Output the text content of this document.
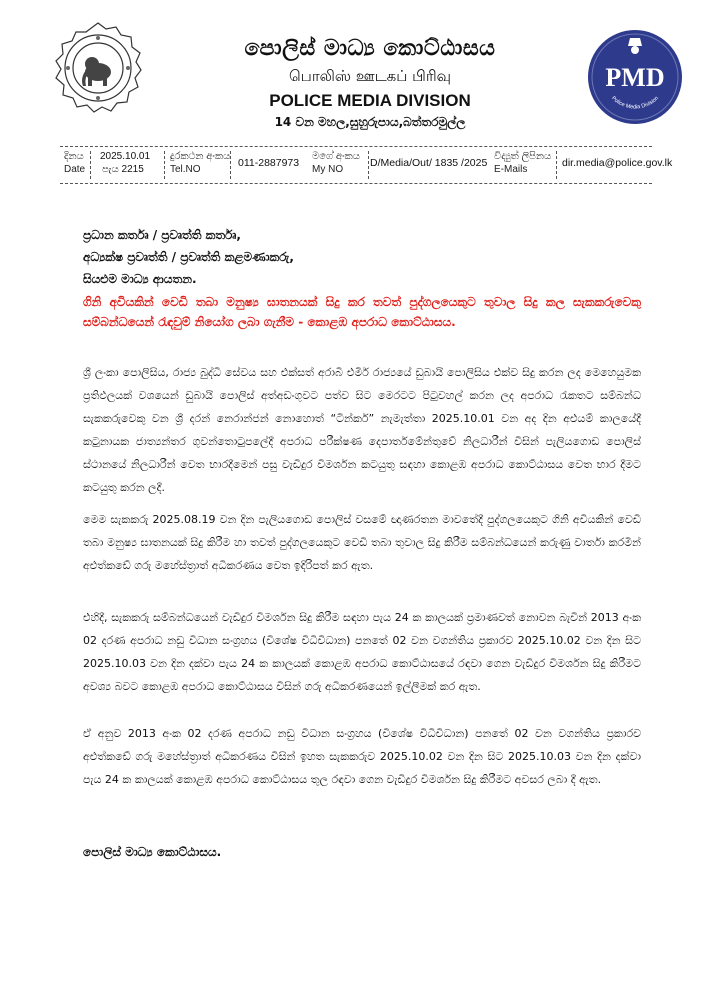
පොලිස් මාධ්‍ය කොට්ඨාසය
பொலிஸ் ஊடகப் பிரிவு
POLICE MEDIA DIVISION
14 වන මහල,සුහුරුපාය,බත්තරමුල්ල
PMD
Police Media Division
දිනය
Date
2025.10.01
පැය 2215
දුරකථන අංකය
Tel.NO
011-2887973
මගේ අංකය
My NO
D/Media/Out/ 1835 /2025
විද්‍යුත් ලිපිනය
E-Mails
dir.media@police.gov.lk
ප්‍රධාන කර්තෘ / ප්‍රවෘත්ති කර්තෘ,
අධ්‍යක්ෂ ප්‍රවෘත්ති / ප්‍රවෘත්ති කළමණාකරු,
සියළුම මාධ්‍ය ආයතන.
ගිනි අවියකින් වෙඩි තබා මනුෂ්‍ය ඝාතනයක් සිදු කර තවත් පුද්ගලයෙකුට තුවාල සිදු කල සැකකරුවෙකු සම්බන්ධයෙන් රැඳවුම් නියෝග ලබා ගැනීම - කොළඹ අපරාධ කොට්ඨාසය.
ශ්‍රී ලංකා පොලිසිය, රාජ්‍ය බුද්ධි සේවය සහ එක්සත් අරාබි එමීර් රාජ්‍යයේ ඩුබායි පොලිසිය එක්ව සිදු කරන ලද මෙහෙයුමක ප්‍රතිඵලයක් වශයෙන් ඩුබායි පොලිස් අත්අඩංගුවට පත්ව සිට මෙරටට පිටුවහල් කරන ලද අපරාධ රැකතට සම්බන්ධ සැකකරුවෙකු වන ශ්‍රී දරන් නෙරාන්ජන් නොහොත් “ටින්කර්” නැමැත්තා 2025.10.01 වන අද දින අළුයම් කාලයේදී කටුනායක ජාත්‍යන්තර ගුවන්තොටුපලේදී අපරාධ පරීක්ෂණ දෙපාර්තමේන්තුවේ නිලධාරීන් විසින් පැලියගොඩ පොලිස් ස්ථානයේ නිලධාරීන් වෙත භාරදීමෙන් පසු වැඩිදුර විමර්ශන කටයුතු සඳහා කොළඹ අපරාධ කොට්ඨාසය වෙත භාර දීමට කටයුතු කරන ලදී.
මෙම සැකකරු 2025.08.19 වන දින පැලියගොඩ පොලිස් වසමේ ඥාණරතන මාවතේදී පුද්ගලයෙකුට ගිනි අවියකින් වෙඩි තබා මනුෂ්‍ය ඝාතනයක් සිදු කිරීම හා තවත් පුද්ගලයෙකුට වෙඩි තබා තුවාල සිදු කිරීම සම්බන්ධයෙන් කරුණු වාර්තා කරමින් අළුත්කඩේ ගරු මහේස්ත්‍රාත් අධිකරණය වෙත ඉදිරිපත් කර ඇත.
එහිදී, සැකකරු සම්බන්ධයෙන් වැඩිදුර විමර්ශන සිදු කිරීම සඳහා පැය 24 ක කාලයක් ප්‍රමාණවත් නොවන බැවින් 2013 අංක 02 දරණ අපරාධ නඩු විධාන සංග්‍රහය (විශේෂ විධිවිධාන) පනතේ 02 වන වගන්තිය ප්‍රකාරව 2025.10.02 වන දින සිට 2025.10.03 වන දින දක්වා පැය 24 ක කාලයක් කොළඹ අපරාධ කොට්ඨාසයේ රඳවා ගෙන වැඩිදුර විමර්ශන සිදු කිරීමට අවශ්‍ය බවට කොළඹ අපරාධ කොට්ඨාසය විසින් ගරු අධිකරණයෙන් ඉල්ලීමක් කර ඇත.
ඒ අනුව 2013 අංක 02 දරණ අපරාධ නඩු විධාන සංග්‍රහය (විශේෂ විධිවිධාන) පනතේ 02 වන වගන්තිය ප්‍රකාරව අළුත්කඩේ ගරු මහේස්ත්‍රාත් අධිකරණය විසින් ඉහත සැකකරුව 2025.10.02 වන දින සිට 2025.10.03 වන දින දක්වා පැය 24 ක කාලයක් කොළඹ අපරාධ කොට්ඨාසය තුල රඳවා ගෙන වැඩිදුර විමර්ශන සිදු කිරීමට අවසර ලබා දී ඇත.
පොලිස් මාධ්‍ය කොට්ඨාසය.
